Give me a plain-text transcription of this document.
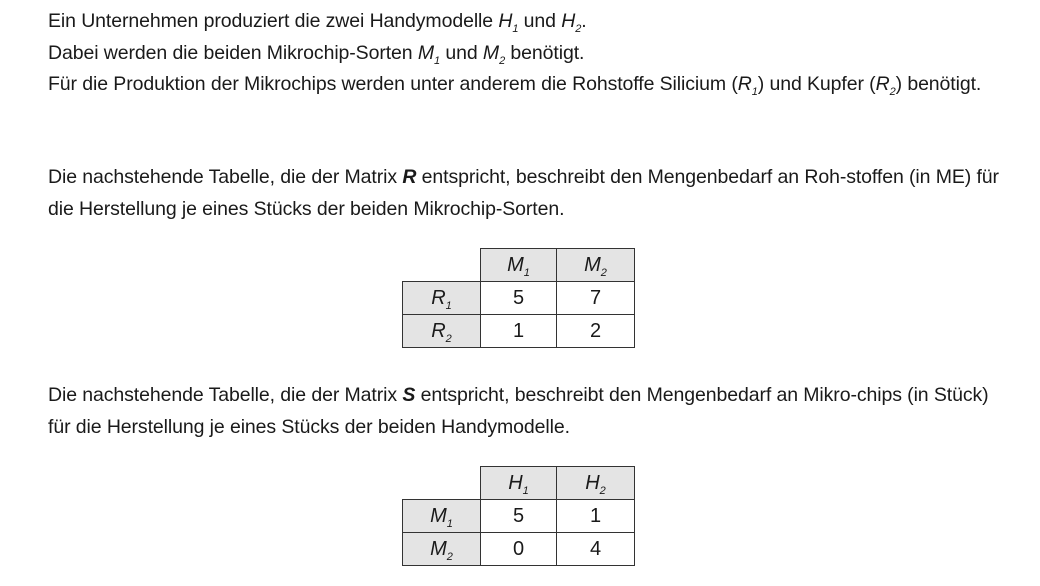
Ein Unternehmen produziert die zwei Handymodelle $H_1$ und $H_2$.
Dabei werden die beiden Mikrochip-Sorten $M_1$ und $M_2$ benötigt.
Für die Produktion der Mikrochips werden unter anderem die Rohstoffe Silicium $(R_1)$ und Kupfer $(R_2)$ benötigt.
Die nachstehende Tabelle, die der Matrix R entspricht, beschreibt den Mengenbedarf an Roh-stoffen (in ME) für die Herstellung je eines Stücks der beiden Mikrochip-Sorten.
	$M_1$	$M_2$
$R_1$	5	7
$R_2$	1	2
Die nachstehende Tabelle, die der Matrix S entspricht, beschreibt den Mengenbedarf an Mikro-chips (in Stück) für die Herstellung je eines Stücks der beiden Handymodelle.
	$H_1$	$H_2$
$M_1$	5	1
$M_2$	0	4
